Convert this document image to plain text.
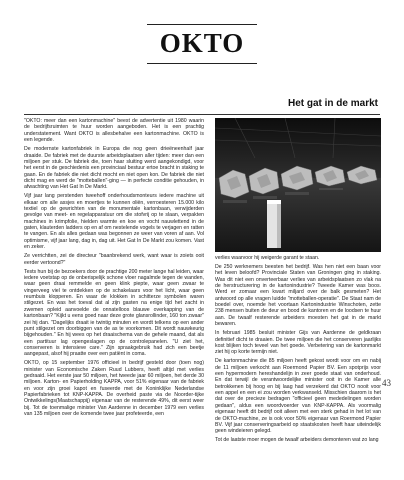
OKTO
Het gat in de markt

"OKTO: meer dan een kartonmachine" beest de advertentie uit 1980 waarin de bedrijfsruimten te huur worden aangeboden. Het is een prachtig understatement. Want OKTO is allesbehalve een kartonmachine. OKTO is een legende.

De modernste kartonfabriek in Europa die nog geen drieëneenhalf jaar draaide. De fabriek met de duurste arbeidsplaatsen aller tijden: meer dan een miljoen per stuk. De fabriek die, toen haar sluiting werd aangekondigd, voor het eerst in de geschiedenis een provinciaal bestuur ertoe bracht in staking te gaan. En de fabriek die niet dicht mocht en niet open kon. De fabriek die niet dicht mag en werd de "motteballen"-ging — in perfecte conditie gehouden, in afwachting van Het Gat In De Markt.

Vijf jaar lang perstenden tweehoff onderhoudsmonteurs iedere machine uit elkaar om alle assjes en moertjes te kunnen oliën, verroesteren 15.000 kilo textiel op de gewrichten van de monumentale kartonbaan, verwijderden gevolge van meet- en regelapparatuur om die stofvrij op te slaan, verpakten machines in krimpfolie, hielden warmte en koe en vocht nauwlettend in de gaten, klauterden ladders op en af om nestelende vogels te verjagen en ratten te vangen. En als alles gedaan was begonnen ze weer van voren af aan. Vol optimisme, vijf jaar lang, dag in, dag uit. Het Gat In De Markt zou komen. Vast en zeker.

Ze verrichtten, zei de directeur "baanbrekend werk, want waar is zoiets ooit eerder vertoond?"

Tests hun bij de bezoekers door de prachtige 200 meter lange hal leiden, waar iedere voetstap op de onberispelijk schone vloer nagalmde tegen de wanden, waar geen draai remmelde en geen klink piepte, waar geen zwaar te vingerveeg viel te ontdekken op de schakelaars voor het licht, waar geen reumbuis klopperen. En waar de klokken in schitterze symbolen waren stilgezet. En was het toeval dat al zijn gasten na enige tijd het zacht in zwemen opleid aanvoelde de onnatelloos blauwe overkapping van de kartonbaan? "Kijkt u eens goed naar deze grote glansrollinder, 160 ton zwaar" zei hij dan. "Dagelijks draait ie twintig minuten en wordt telkens op een ander punt stilgezet om doorbiggen van de as te voorkomen. Dit wordt nauwkeurig bijgehouden." En hij wees op het draaischema van de gehele maand, dat als een partituur lag opengeslagen op de controlepanelen. "U ziet het, conserveren is intensieve care." Zijn spraakgebruik had zich een beetje aangepast, alsof hij praatte over een patiënt in coma.

OKTO, op 15 september 1976 officieel in bedrijf gesteld door (toen nog) minister van Economische Zaken Ruud Lubbers, heeft altijd met verlies gedraaid. Het eerste jaar 50 miljoen, het tweede jaar 60 miljoen, het derde 30 miljoen. Karton- en Papierholding KAPPA, voor 51% eigenaar van de fabriek en voor zijn groei kapot en fuseerde met de Koninklijke Nederlandse Papierfabrieken tot KNP-KAPPA. De overheid paste via de Noorder-tijke Ontwikkelings(Maatschappij) eigenaar van de resterende 49%, dit eerst weer bij. Tot de toenmalige minister Van Aardenne in december 1979 een verlies van 135 miljoen over de komende twee jaar profeteerde, een

verlies waarvoor hij weigerde garant te staan.

De 250 werknemers beesten het bedrijf. Was hen niet een baan voor het leven beloofd? Provinciale Staten van Groningen ging in staking. Was dit niet een onverteerbaar verlies van arbeidsplaatsen zo vlak na de herstructurering in de kartonindustrie? Tweede Kamer was boos. Werd er zomaar een kwart miljard over de balk gesmeten? Het antwoord op alle vragen luidde "motteballen-operatie". De Staat nam de boedel over, noemde het voortaan Kartonindustrie Winschoten, zette 238 mensen buiten de deur en bood de kantoren en de loodsen te huur aan. De twaalf resterende arbeiders moesten het gat in de markt bewaren.

In februari 1985 besluit minister Gijs van Aardenne de geldkraan definitief dicht te draaien. De twee miljoen die het conserveren jaarlijks kost blijken toch teveel van het goede. Verbetering van de kartonmarkt ziet hij op korte termijn niet.

De kartonmachine die 85 miljoen heeft gekost wordt voor om en nabij de 11 miljoen verkocht aan Roermond Papier BV. Een spotprijs voor een hypermodern hereshandelijn in zeer goede staat van onderhoud. En dat terwijl de verantwoordelijke minister ooit in de Kamer alle betrokkenen bij hoog en bij laag had verzekerd dat OKTO nooit voor een appel en een ei zou worden verkwanseld. Misschien daarom is het dat over de precieze bedragen "officieel geen mededelingen worden gedaan", aldus een woordvoerder van KNP-KAPPA. Als voormalig eigenaar heeft dit bedrijf ooit alleen met een sterk gehad in het lot van de OKTO-machine, ze is ook voor 50% eigenaar van Roermond Papier BV. Vijf jaar conserveringsarbeid op staatskosten heeft haar uiteindelijk geen windeieren gelegd.

Tot de laatste moer mogen de twaalf arbeiders demonteren wat zo lang

43
